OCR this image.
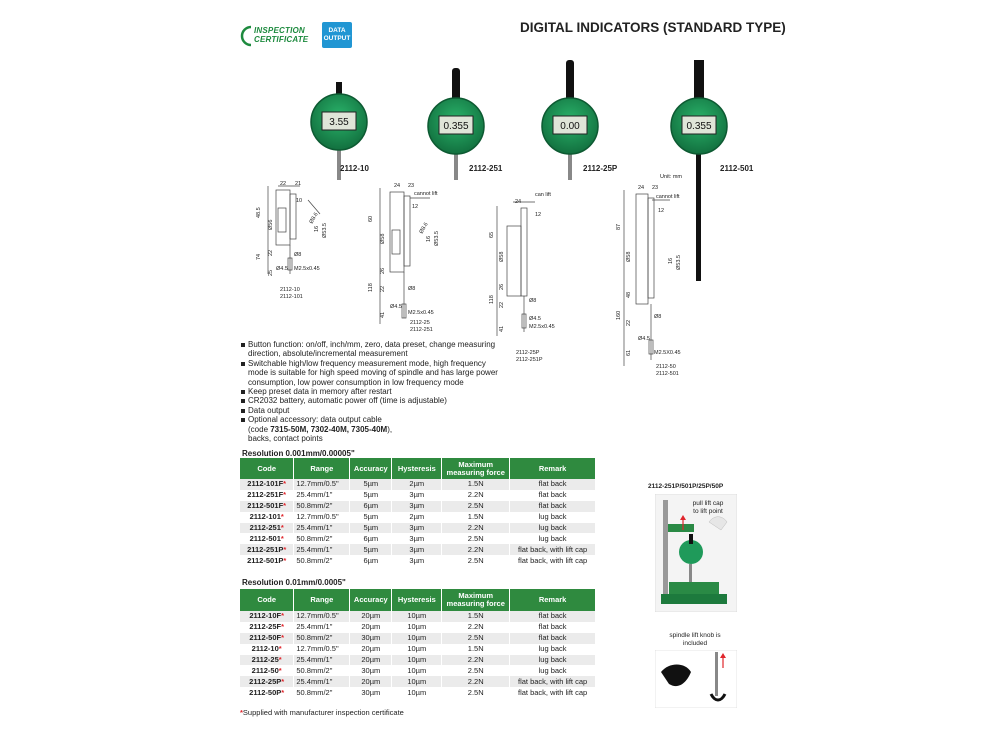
INSPECTION
CERTIFICATE
DATA
OUTPUT
DIGITAL INDICATORS (STANDARD TYPE)
3.55	0.355	0.00	0.355
2112-10	2112-251	2112-25P	2112-501
Unit: mm
22 21
10
48.5
Ø56
74
22
25
Ø8
Ø4.5 M2.5x0.45
Ø8.6
16 Ø53.5
2112-10
2112-101
24 23
cannot lift
12
60
Ø58
26
22
118
41
Ø8
Ø4.5
M2.5x0.45
Ø8.6
16 Ø53.5
2112-25
2112-251
can lift
24
12
65
Ø58
26
118
22
41
Ø8
Ø4.5
M2.5x0.45
2112-25P
2112-251P
24 23
cannot lift
12
87
Ø58	16 Ø53.5
48
160
22
61
Ø8
Ø4.5
M2.5X0.45
2112-50
2112-501
Button function: on/off, inch/mm, zero, data preset, change measuring direction, absolute/incremental measurement
Switchable high/low frequency measurement mode, high frequency mode is suitable for high speed moving of spindle and has large power consumption, low power consumption in low frequency mode
Keep preset data in memory after restart
CR2032 battery, automatic power off (time is adjustable)
Data output
Optional accessory: data output cable
(code 7315-50M, 7302-40M, 7305-40M),
backs, contact points
Resolution 0.001mm/0.00005"
Code	Range	Accuracy	Hysteresis	Maximum
measuring force	Remark
2112-101F*	12.7mm/0.5"	5µm	2µm	1.5N	flat back
2112-251F*	25.4mm/1"	5µm	3µm	2.2N	flat back
2112-501F*	50.8mm/2"	6µm	3µm	2.5N	flat back
2112-101*	12.7mm/0.5"	5µm	2µm	1.5N	lug back
2112-251*	25.4mm/1"	5µm	3µm	2.2N	lug back
2112-501*	50.8mm/2"	6µm	3µm	2.5N	lug back
2112-251P*	25.4mm/1"	5µm	3µm	2.2N	flat back, with lift cap
2112-501P*	50.8mm/2"	6µm	3µm	2.5N	flat back, with lift cap
Resolution 0.01mm/0.0005"
Code	Range	Accuracy	Hysteresis	Maximum
measuring force	Remark
2112-10F*	12.7mm/0.5"	20µm	10µm	1.5N	flat back
2112-25F*	25.4mm/1"	20µm	10µm	2.2N	flat back
2112-50F*	50.8mm/2"	30µm	10µm	2.5N	flat back
2112-10*	12.7mm/0.5"	20µm	10µm	1.5N	lug back
2112-25*	25.4mm/1"	20µm	10µm	2.2N	lug back
2112-50*	50.8mm/2"	30µm	10µm	2.5N	lug back
2112-25P*	25.4mm/1"	20µm	10µm	2.2N	flat back, with lift cap
2112-50P*	50.8mm/2"	30µm	10µm	2.5N	flat back, with lift cap
*Supplied with manufacturer inspection certificate
2112-251P/501P/25P/50P
pull lift cap
to lift point
spindle lift knob is
included
